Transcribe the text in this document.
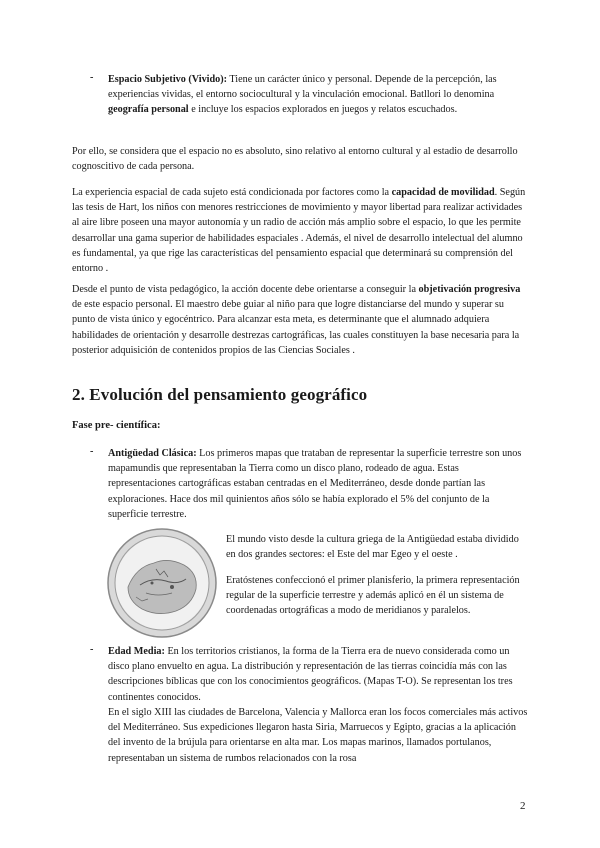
- Espacio Subjetivo (Vivido): Tiene un carácter único y personal. Depende de la percepción, las experiencias vividas, el entorno sociocultural y la vinculación emocional. Batllori lo denomina geografía personal e incluye los espacios explorados en juegos y relatos escuchados.

Por ello, se considera que el espacio no es absoluto, sino relativo al entorno cultural y al estadio de desarrollo cognoscitivo de cada persona.

La experiencia espacial de cada sujeto está condicionada por factores como la capacidad de movilidad. Según las tesis de Hart, los niños con menores restricciones de movimiento y mayor libertad para realizar actividades al aire libre poseen una mayor autonomía y un radio de acción más amplio sobre el espacio, lo que les permite desarrollar una gama superior de habilidades espaciales . Además, el nivel de desarrollo intelectual del alumno es fundamental, ya que rige las características del pensamiento espacial que determinará su comprensión del entorno .

Desde el punto de vista pedagógico, la acción docente debe orientarse a conseguir la objetivación progresiva de este espacio personal. El maestro debe guiar al niño para que logre distanciarse del mundo y superar su punto de vista único y egocéntrico. Para alcanzar esta meta, es determinante que el alumnado adquiera habilidades de orientación y desarrolle destrezas cartográficas, las cuales constituyen la base necesaria para la posterior adquisición de contenidos propios de las Ciencias Sociales .

2. Evolución del pensamiento geográfico
Fase pre- científica:
- Antigüedad Clásica: Los primeros mapas que trataban de representar la superficie terrestre son unos mapamundis que representaban la Tierra como un disco plano, rodeado de agua. Estas representaciones cartográficas estaban centradas en el Mediterráneo, desde donde partían las exploraciones. Hace dos mil quinientos años sólo se había explorado el 5% del conjunto de la superficie terrestre.

El mundo visto desde la cultura griega de la Antigüedad estaba dividido en dos grandes sectores: el Este del mar Egeo y el oeste .

Eratóstenes confeccionó el primer planisferio, la primera representación regular de la superficie terrestre y además aplicó en él un sistema de coordenadas ortográficas a modo de meridianos y paralelos.

- Edad Media: En los territorios cristianos, la forma de la Tierra era de nuevo considerada como un disco plano envuelto en agua. La distribución y representación de las tierras coincidía más con las descripciones bíblicas que con los conocimientos geográficos. (Mapas T-O). Se representan los tres continentes conocidos.

En el siglo XIII las ciudades de Barcelona, Valencia y Mallorca eran los focos comerciales más activos del Mediterráneo. Sus expediciones llegaron hasta Siria, Marruecos y Egipto, gracias a la aplicación del invento de la brújula para orientarse en alta mar. Los mapas marinos, llamados portulanos, representaban un sistema de rumbos relacionados con la rosa

2
